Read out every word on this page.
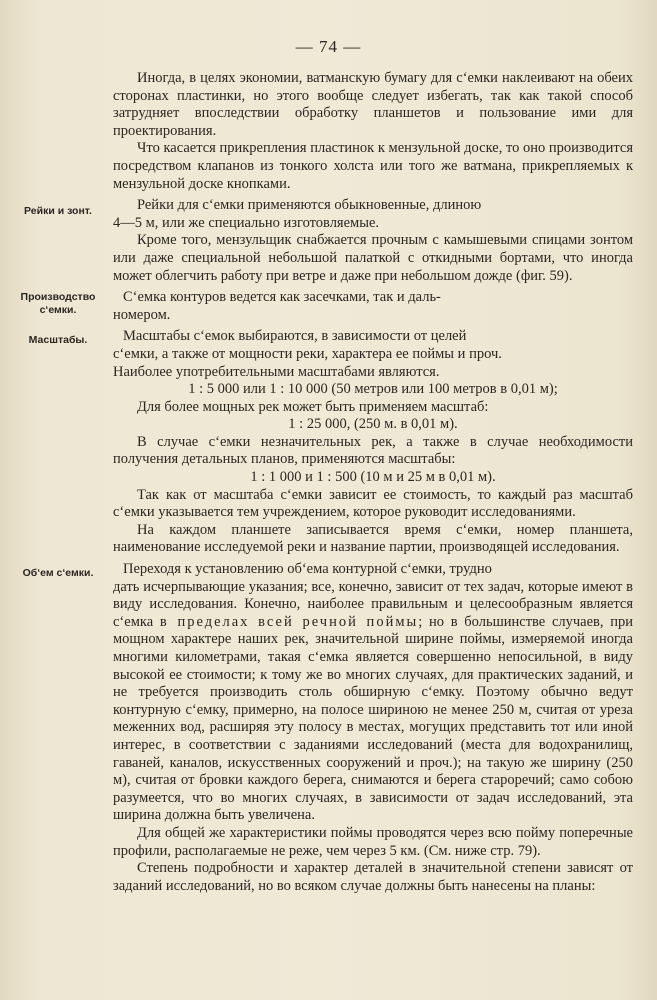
— 74 —

Иногда, в целях экономии, ватманскую бумагу для с‘емки наклеивают на обеих сторонах пластинки, но этого вообще следует избегать, так как такой способ затрудняет впоследствии обработку планшетов и пользование ими для проектирования.

Что касается прикрепления пластинок к мензульной доске, то оно производится посредством клапанов из тонкого холста или того же ватмана, прикрепляемых к мензульной доске кнопками.

Рейки и зонт.	Рейки для с‘емки применяются обыкновенные, длиною
4—5 м, или же специально изготовляемые.

Кроме того, мензульщик снабжается прочным с камышевыми спицами зонтом или даже специальной небольшой палаткой с откидными бортами, что иногда может облегчить работу при ветре и даже при небольшом дожде (фиг. 59).

Производство с‘емки.
С‘емка контуров ведется как засечками, так и даль-
номером.

Масштабы.	Масштабы с‘емок выбираются, в зависимости от целей
с‘емки, а также от мощности реки, характера ее поймы и проч.

Наиболее употребительными масштабами являются.

1 : 5 000 или 1 : 10 000 (50 метров или 100 метров в 0,01 м);

Для более мощных рек может быть применяем масштаб:

1 : 25 000, (250 м. в 0,01 м).

В случае с‘емки незначительных рек, а также в случае необходимости получения детальных планов, применяются масштабы:

1 : 1 000 и 1 : 500 (10 м и 25 м в 0,01 м).

Так как от масштаба с‘емки зависит ее стоимость, то каждый раз масштаб с‘емки указывается тем учреждением, которое руководит исследованиями.

На каждом планшете записывается время с‘емки, номер планшета, наименование исследуемой реки и название партии, производящей исследования.

Об‘ем с‘емки.	Переходя к установлению об‘ема контурной с‘емки, трудно
дать исчерпывающие указания; все, конечно, зависит от тех задач, которые имеют в виду исследования. Конечно, наиболее правильным и целесообразным является с‘емка в пределах всей речной поймы; но в большинстве случаев, при мощном характере наших рек, значительной ширине поймы, измеряемой иногда многими километрами, такая с‘емка является совершенно непосильной, в виду высокой ее стоимости; к тому же во многих случаях, для практических заданий, и не требуется производить столь обширную с‘емку. Поэтому обычно ведут контурную с‘емку, примерно, на полосе шириною не менее 250 м, считая от уреза меженних вод, расширяя эту полосу в местах, могущих представить тот или иной интерес, в соответствии с заданиями исследований (места для водохранилищ, гаваней, каналов, искусственных сооружений и проч.); на такую же ширину (250 м), считая от бровки каждого берега, снимаются и берега староречий; само собою разумеется, что во многих случаях, в зависимости от задач исследований, эта ширина должна быть увеличена.

Для общей же характеристики поймы проводятся через всю пойму поперечные профили, располагаемые не реже, чем через 5 км. (См. ниже стр. 79).

Степень подробности и характер деталей в значительной степени зависят от заданий исследований, но во всяком случае должны быть нанесены на планы:
